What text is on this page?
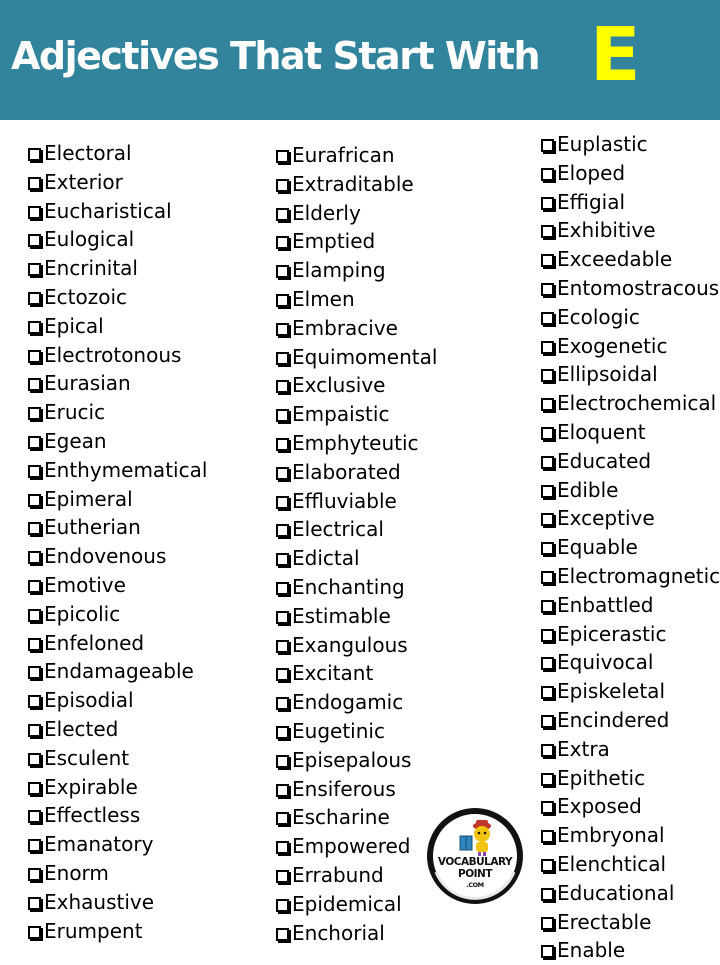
Adjectives That Start With E
Electoral
Exterior
Eucharistical
Eulogical
Encrinital
Ectozoic
Epical
Electrotonous
Eurasian
Erucic
Egean
Enthymematical
Epimeral
Eutherian
Endovenous
Emotive
Epicolic
Enfeloned
Endamageable
Episodial
Elected
Esculent
Expirable
Effectless
Emanatory
Enorm
Exhaustive
Erumpent
Eurafrican
Extraditable
Elderly
Emptied
Elamping
Elmen
Embracive
Equimomental
Exclusive
Empaistic
Emphyteutic
Elaborated
Effluviable
Electrical
Edictal
Enchanting
Estimable
Exangulous
Excitant
Endogamic
Eugetinic
Episepalous
Ensiferous
Escharine
Empowered
Errabund
Epidemical
Enchorial
Euplastic
Eloped
Effigial
Exhibitive
Exceedable
Entomostracous
Ecologic
Exogenetic
Ellipsoidal
Electrochemical
Eloquent
Educated
Edible
Exceptive
Equable
Electromagnetic
Enbattled
Epicerastic
Equivocal
Episkeletal
Encindered
Extra
Epithetic
Exposed
Embryonal
Elenchtical
Educational
Erectable
Enable
VOCABULARY
POINT
.COM
